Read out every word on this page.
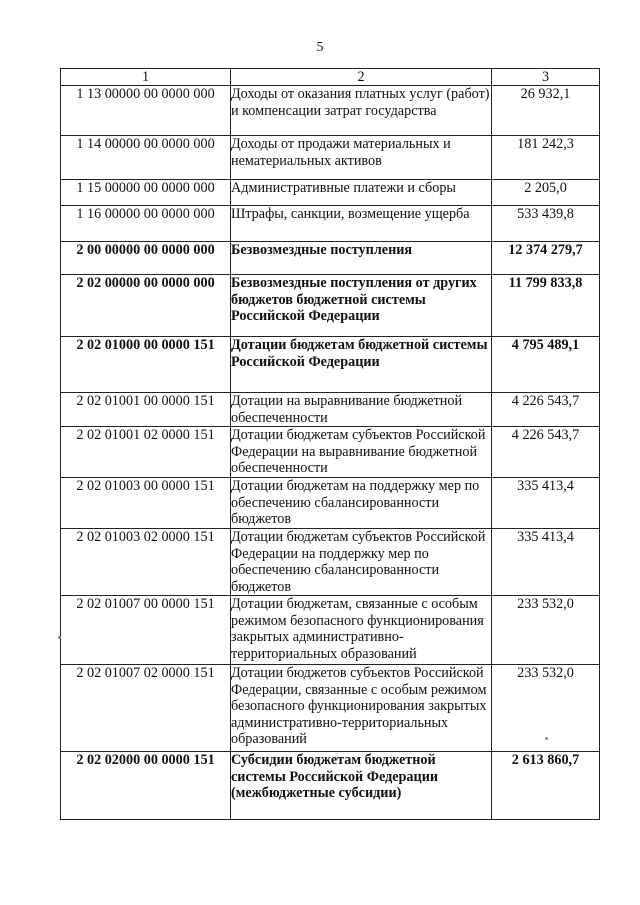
5
1	2	3
1 13 00000 00 0000 000	Доходы от оказания платных услуг (работ) и компенсации затрат государства	26 932,1
1 14 00000 00 0000 000	Доходы от продажи материальных и нематериальных активов	181 242,3
1 15 00000 00 0000 000	Административные платежи и сборы	2 205,0
1 16 00000 00 0000 000	Штрафы, санкции, возмещение ущерба	533 439,8
2 00 00000 00 0000 000	Безвозмездные поступления	12 374 279,7
2 02 00000 00 0000 000	Безвозмездные поступления от других бюджетов бюджетной системы Российской Федерации	11 799 833,8
2 02 01000 00 0000 151	Дотации бюджетам бюджетной системы Российской Федерации	4 795 489,1
2 02 01001 00 0000 151	Дотации на выравнивание бюджетной обеспеченности	4 226 543,7
2 02 01001 02 0000 151	Дотации бюджетам субъектов Российской Федерации на выравнивание бюджетной обеспеченности	4 226 543,7
2 02 01003 00 0000 151	Дотации бюджетам на поддержку мер по обеспечению сбалансированности бюджетов	335 413,4
2 02 01003 02 0000 151	Дотации бюджетам субъектов Российской Федерации на поддержку мер по обеспечению сбалансированности бюджетов	335 413,4
2 02 01007 00 0000 151	Дотации бюджетам, связанные с особым режимом безопасного функционирования закрытых административно-территориальных образований	233 532,0
2 02 01007 02 0000 151	Дотации бюджетов субъектов Российской Федерации, связанные с особым режимом безопасного функционирования закрытых административно-территориальных образований	233 532,0
2 02 02000 00 0000 151	Субсидии бюджетам бюджетной системы Российской Федерации (межбюджетные субсидии)	2 613 860,7
